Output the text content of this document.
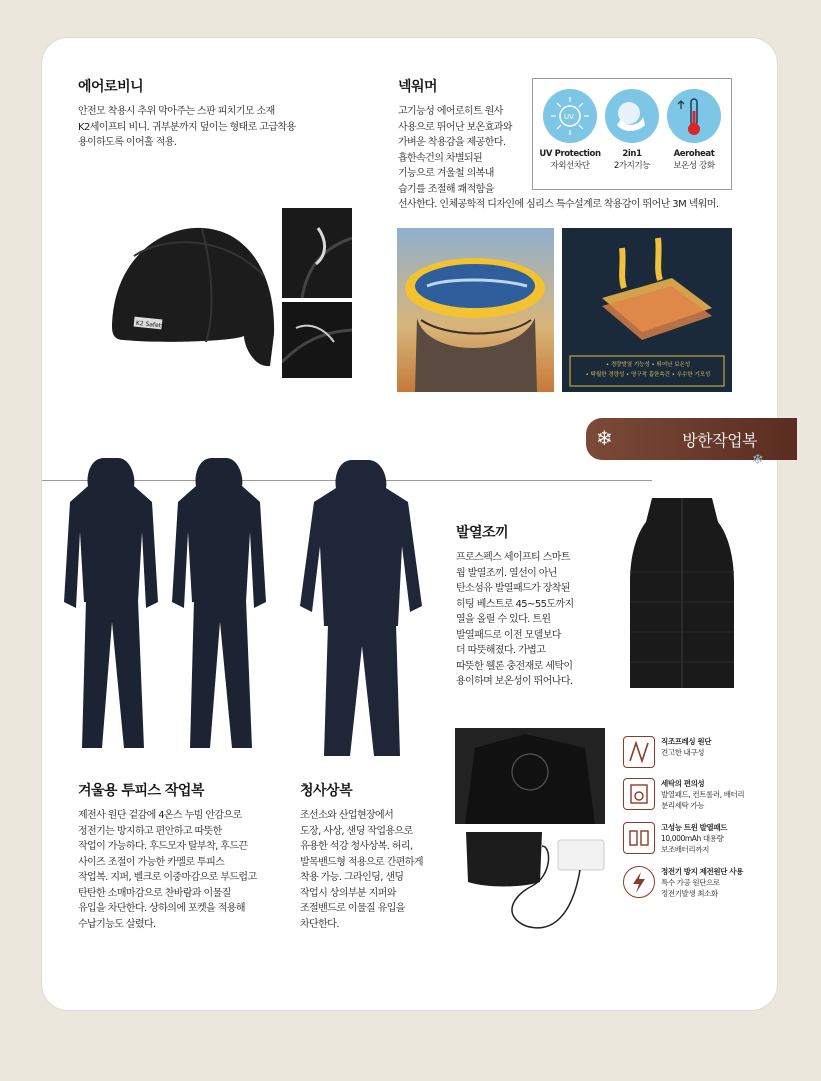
에어로비니
안전모 착용시 추위 막아주는 스판 피치기모 소재
K2세이프티 비니. 귀부분까지 덮이는 형태로 고급착용
용이하도록 이어홀 적용.
K2 Safety
넥워머
고기능성 에어로히트 원사
사용으로 뛰어난 보온효과와
가벼운 착용감을 제공한다.
흡한속건의 차별되된
기능으로 겨울철 의복내
습기를 조절해 쾌적함을
선사한다. 인체공학적 디자인에 심리스 특수설계로 착용감이 뛰어난 3M 넥워머.
UV
UV Protection
자외선차단
2in1
2가지기능
Aeroheat
보온성 강화
• 경량발열 기능성 • 뛰어난 보온성
• 탁월한 경량성 • 영구적 흡한속건 • 우수한 기모성
겨울용 투피스 작업복
제전사 원단 겉감에 4온스 누빔 안감으로
정전기는 방지하고 편안하고 따뜻한
작업이 가능하다. 후드모자 탈부착, 후드끈
사이즈 조절이 가능한 카멜로 투피스
작업복. 지퍼, 벨크로 이중마감으로 부드럽고
탄탄한 소매마감으로 찬바람과 이물질
유입을 차단한다. 상하의에 포켓을 적용해
수납기능도 살렸다.
청사상복
조선소와 산업현장에서
도장, 사상, 샌딩 작업용으로
유용한 석강 청사상복. 허리,
발목밴드형 적용으로 간편하게
착용 가능. 그라인딩, 샌딩
작업시 상의부분 지퍼와
조절밴드로 이물질 유입을
차단한다.
발열조끼
프로스펙스 세이프티 스마트
웜 발열조끼. 열선이 아닌
탄소섬유 발열패드가 장착된
히팅 베스트로 45~55도까지
열을 올릴 수 있다. 트윈
발열패드로 이전 모델보다
더 따뜻해졌다. 가볍고
따뜻한 웰론 충전재로 세탁이
용이하며 보온성이 뛰어나다.
❄	방한작업복
❄
직조프레싱 원단
견고한 내구성
세탁의 편의성
발열패드, 컨트롤러, 배터리
분리세탁 가능
고성능 트윈 발열패드
10,000mAh 대용량
보조배터리까지
정전기 방지 제전원단 사용
특수 가공 원단으로
정전기발생 최소화
